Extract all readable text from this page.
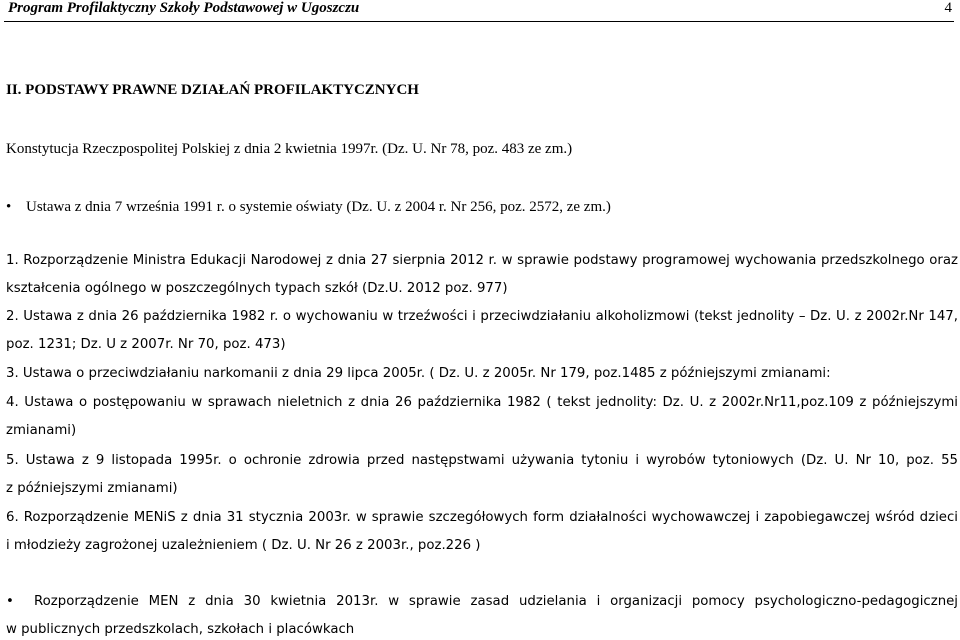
Program Profilaktyczny Szkoły Podstawowej w Ugoszczu	4
II. PODSTAWY PRAWNE DZIAŁAŃ PROFILAKTYCZNYCH
Konstytucja Rzeczpospolitej Polskiej z dnia 2 kwietnia 1997r. (Dz. U. Nr 78, poz. 483 ze zm.)
• Ustawa z dnia 7 września 1991 r. o systemie oświaty (Dz. U. z 2004 r. Nr 256, poz. 2572, ze zm.)
1. Rozporządzenie Ministra Edukacji Narodowej z dnia 27 sierpnia 2012 r. w sprawie podstawy programowej wychowania przedszkolnego oraz
kształcenia ogólnego w poszczególnych typach szkół (Dz.U. 2012 poz. 977)
2. Ustawa z dnia 26 października 1982 r. o wychowaniu w trzeźwości i przeciwdziałaniu alkoholizmowi (tekst jednolity – Dz. U. z 2002r.Nr 147,
poz. 1231; Dz. U z 2007r. Nr 70, poz. 473)
3. Ustawa o przeciwdziałaniu narkomanii z dnia 29 lipca 2005r. ( Dz. U. z 2005r. Nr 179, poz.1485 z późniejszymi zmianami:
4. Ustawa o postępowaniu w sprawach nieletnich z dnia 26 października 1982 ( tekst jednolity: Dz. U. z 2002r.Nr11,poz.109 z późniejszymi
zmianami)
5. Ustawa z 9 listopada 1995r. o ochronie zdrowia przed następstwami używania tytoniu i wyrobów tytoniowych (Dz. U. Nr 10, poz. 55
z późniejszymi zmianami)
6. Rozporządzenie MENiS z dnia 31 stycznia 2003r. w sprawie szczegółowych form działalności wychowawczej i zapobiegawczej wśród dzieci
i młodzieży zagrożonej uzależnieniem ( Dz. U. Nr 26 z 2003r., poz.226 )
• Rozporządzenie MEN z dnia 30 kwietnia 2013r. w sprawie zasad udzielania i organizacji pomocy psychologiczno-pedagogicznej
w publicznych przedszkolach, szkołach i placówkach
